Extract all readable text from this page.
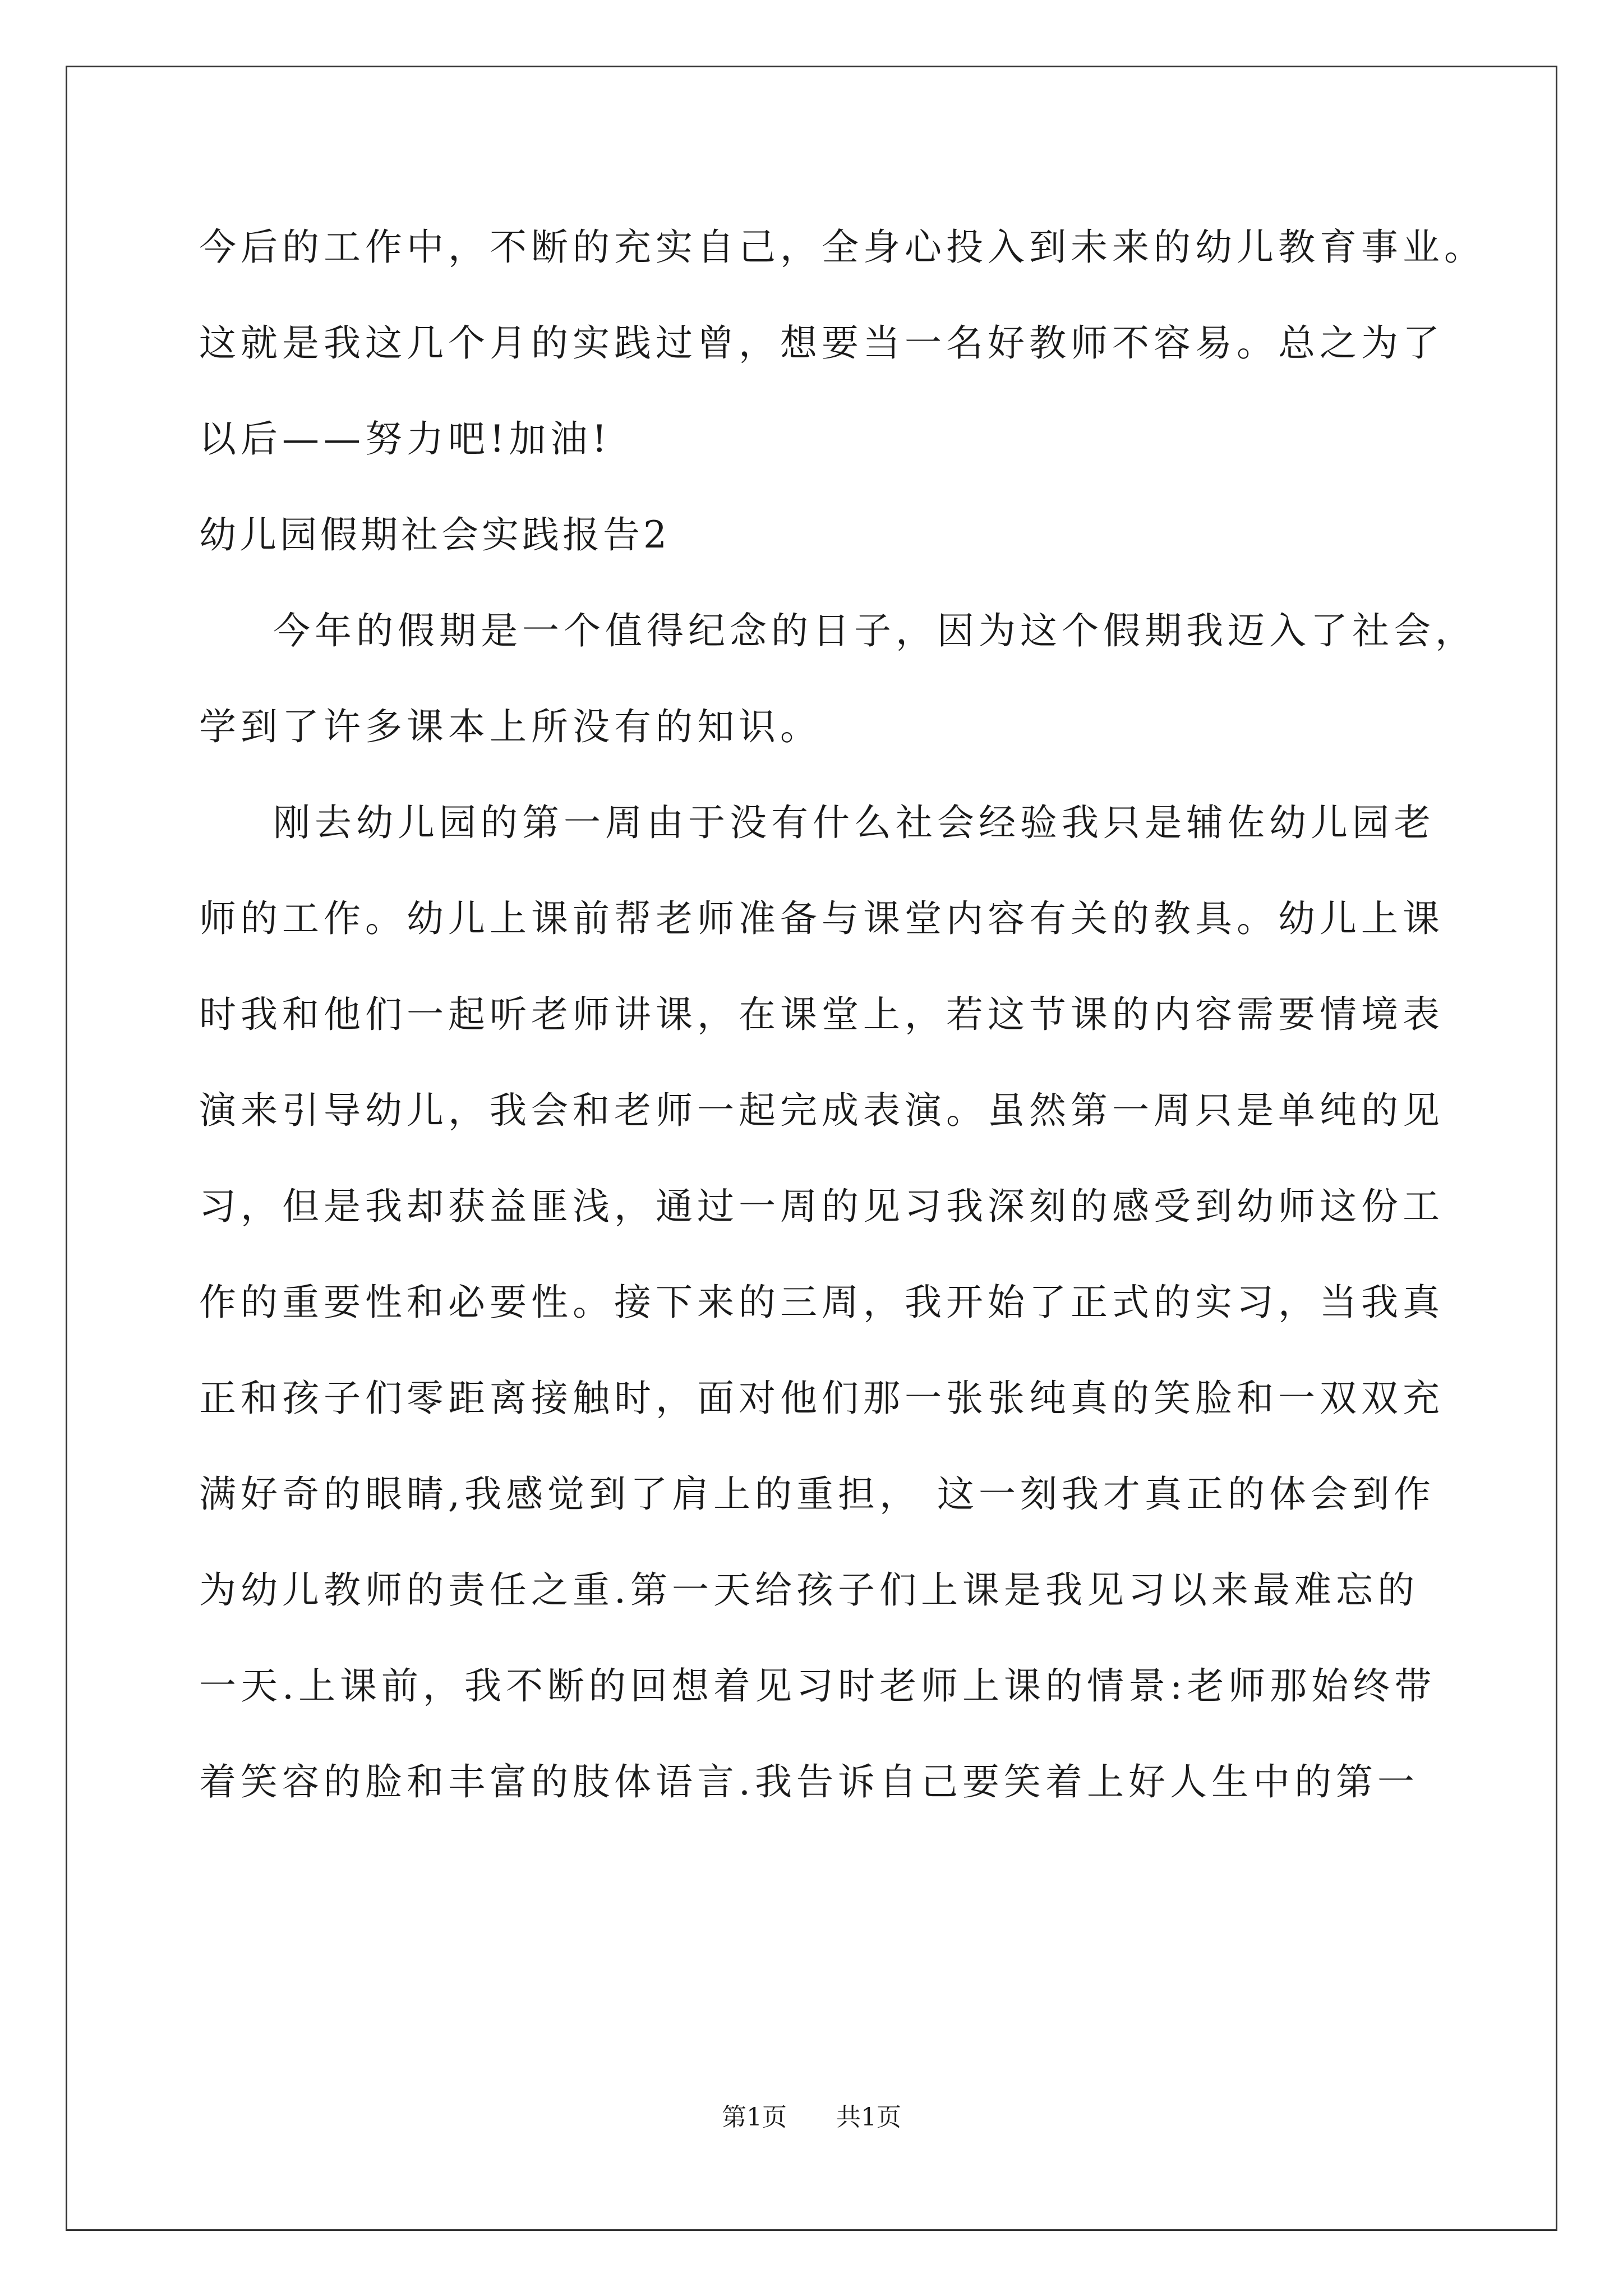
今后的工作中，不断的充实自己，全身心投入到未来的幼儿教育事业。
这就是我这几个月的实践过曾，想要当一名好教师不容易。总之为了
以后——努力吧!加油!
幼儿园假期社会实践报告2
今年的假期是一个值得纪念的日子，因为这个假期我迈入了社会，
学到了许多课本上所没有的知识。
刚去幼儿园的第一周由于没有什么社会经验我只是辅佐幼儿园老
师的工作。幼儿上课前帮老师准备与课堂内容有关的教具。幼儿上课
时我和他们一起听老师讲课，在课堂上，若这节课的内容需要情境表
演来引导幼儿，我会和老师一起完成表演。虽然第一周只是单纯的见
习，但是我却获益匪浅，通过一周的见习我深刻的感受到幼师这份工
作的重要性和必要性。接下来的三周，我开始了正式的实习，当我真
正和孩子们零距离接触时，面对他们那一张张纯真的笑脸和一双双充
满好奇的眼睛,我感觉到了肩上的重担， 这一刻我才真正的体会到作
为幼儿教师的责任之重.第一天给孩子们上课是我见习以来最难忘的
一天.上课前，我不断的回想着见习时老师上课的情景:老师那始终带
着笑容的脸和丰富的肢体语言.我告诉自己要笑着上好人生中的第一
第1页 共1页
